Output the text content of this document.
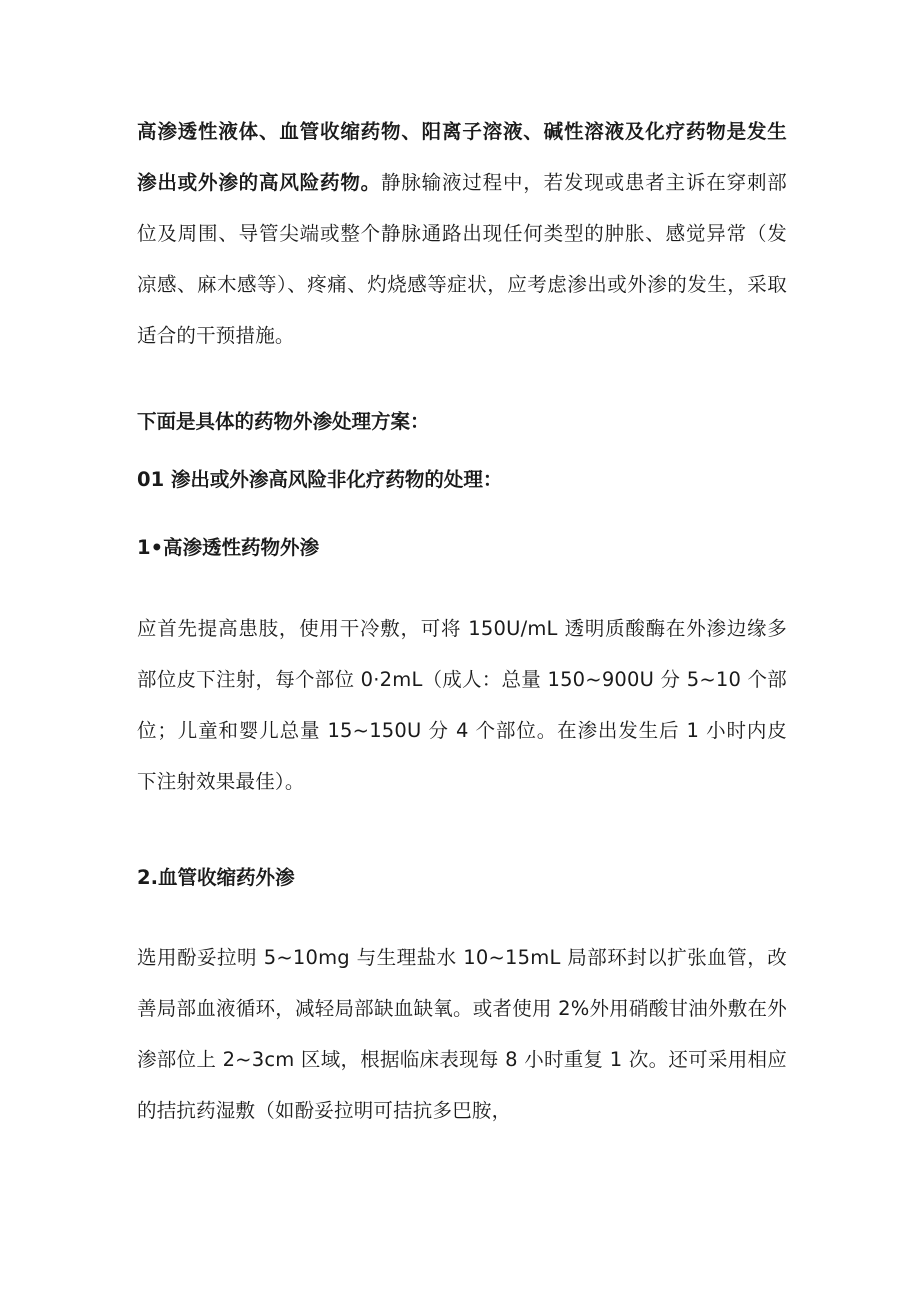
高渗透性液体、血管收缩药物、阳离子溶液、碱性溶液及化疗药物是发生渗出或外渗的高风险药物。静脉输液过程中，若发现或患者主诉在穿刺部位及周围、导管尖端或整个静脉通路出现任何类型的肿胀、感觉异常（发凉感、麻木感等）、疼痛、灼烧感等症状，应考虑渗出或外渗的发生，采取适合的干预措施。

下面是具体的药物外渗处理方案：

01 渗出或外渗高风险非化疗药物的处理：

1•高渗透性药物外渗

应首先提高患肢，使用干冷敷，可将 150U/mL 透明质酸酶在外渗边缘多部位皮下注射，每个部位 0·2mL（成人：总量 150~900U 分 5~10 个部位；儿童和婴儿总量 15~150U 分 4 个部位。在渗出发生后 1 小时内皮下注射效果最佳）。

2.血管收缩药外渗

选用酚妥拉明 5~10mg 与生理盐水 10~15mL 局部环封以扩张血管，改善局部血液循环，减轻局部缺血缺氧。或者使用 2%外用硝酸甘油外敷在外渗部位上 2~3cm 区域，根据临床表现每 8 小时重复 1 次。还可采用相应的拮抗药湿敷（如酚妥拉明可拮抗多巴胺，
